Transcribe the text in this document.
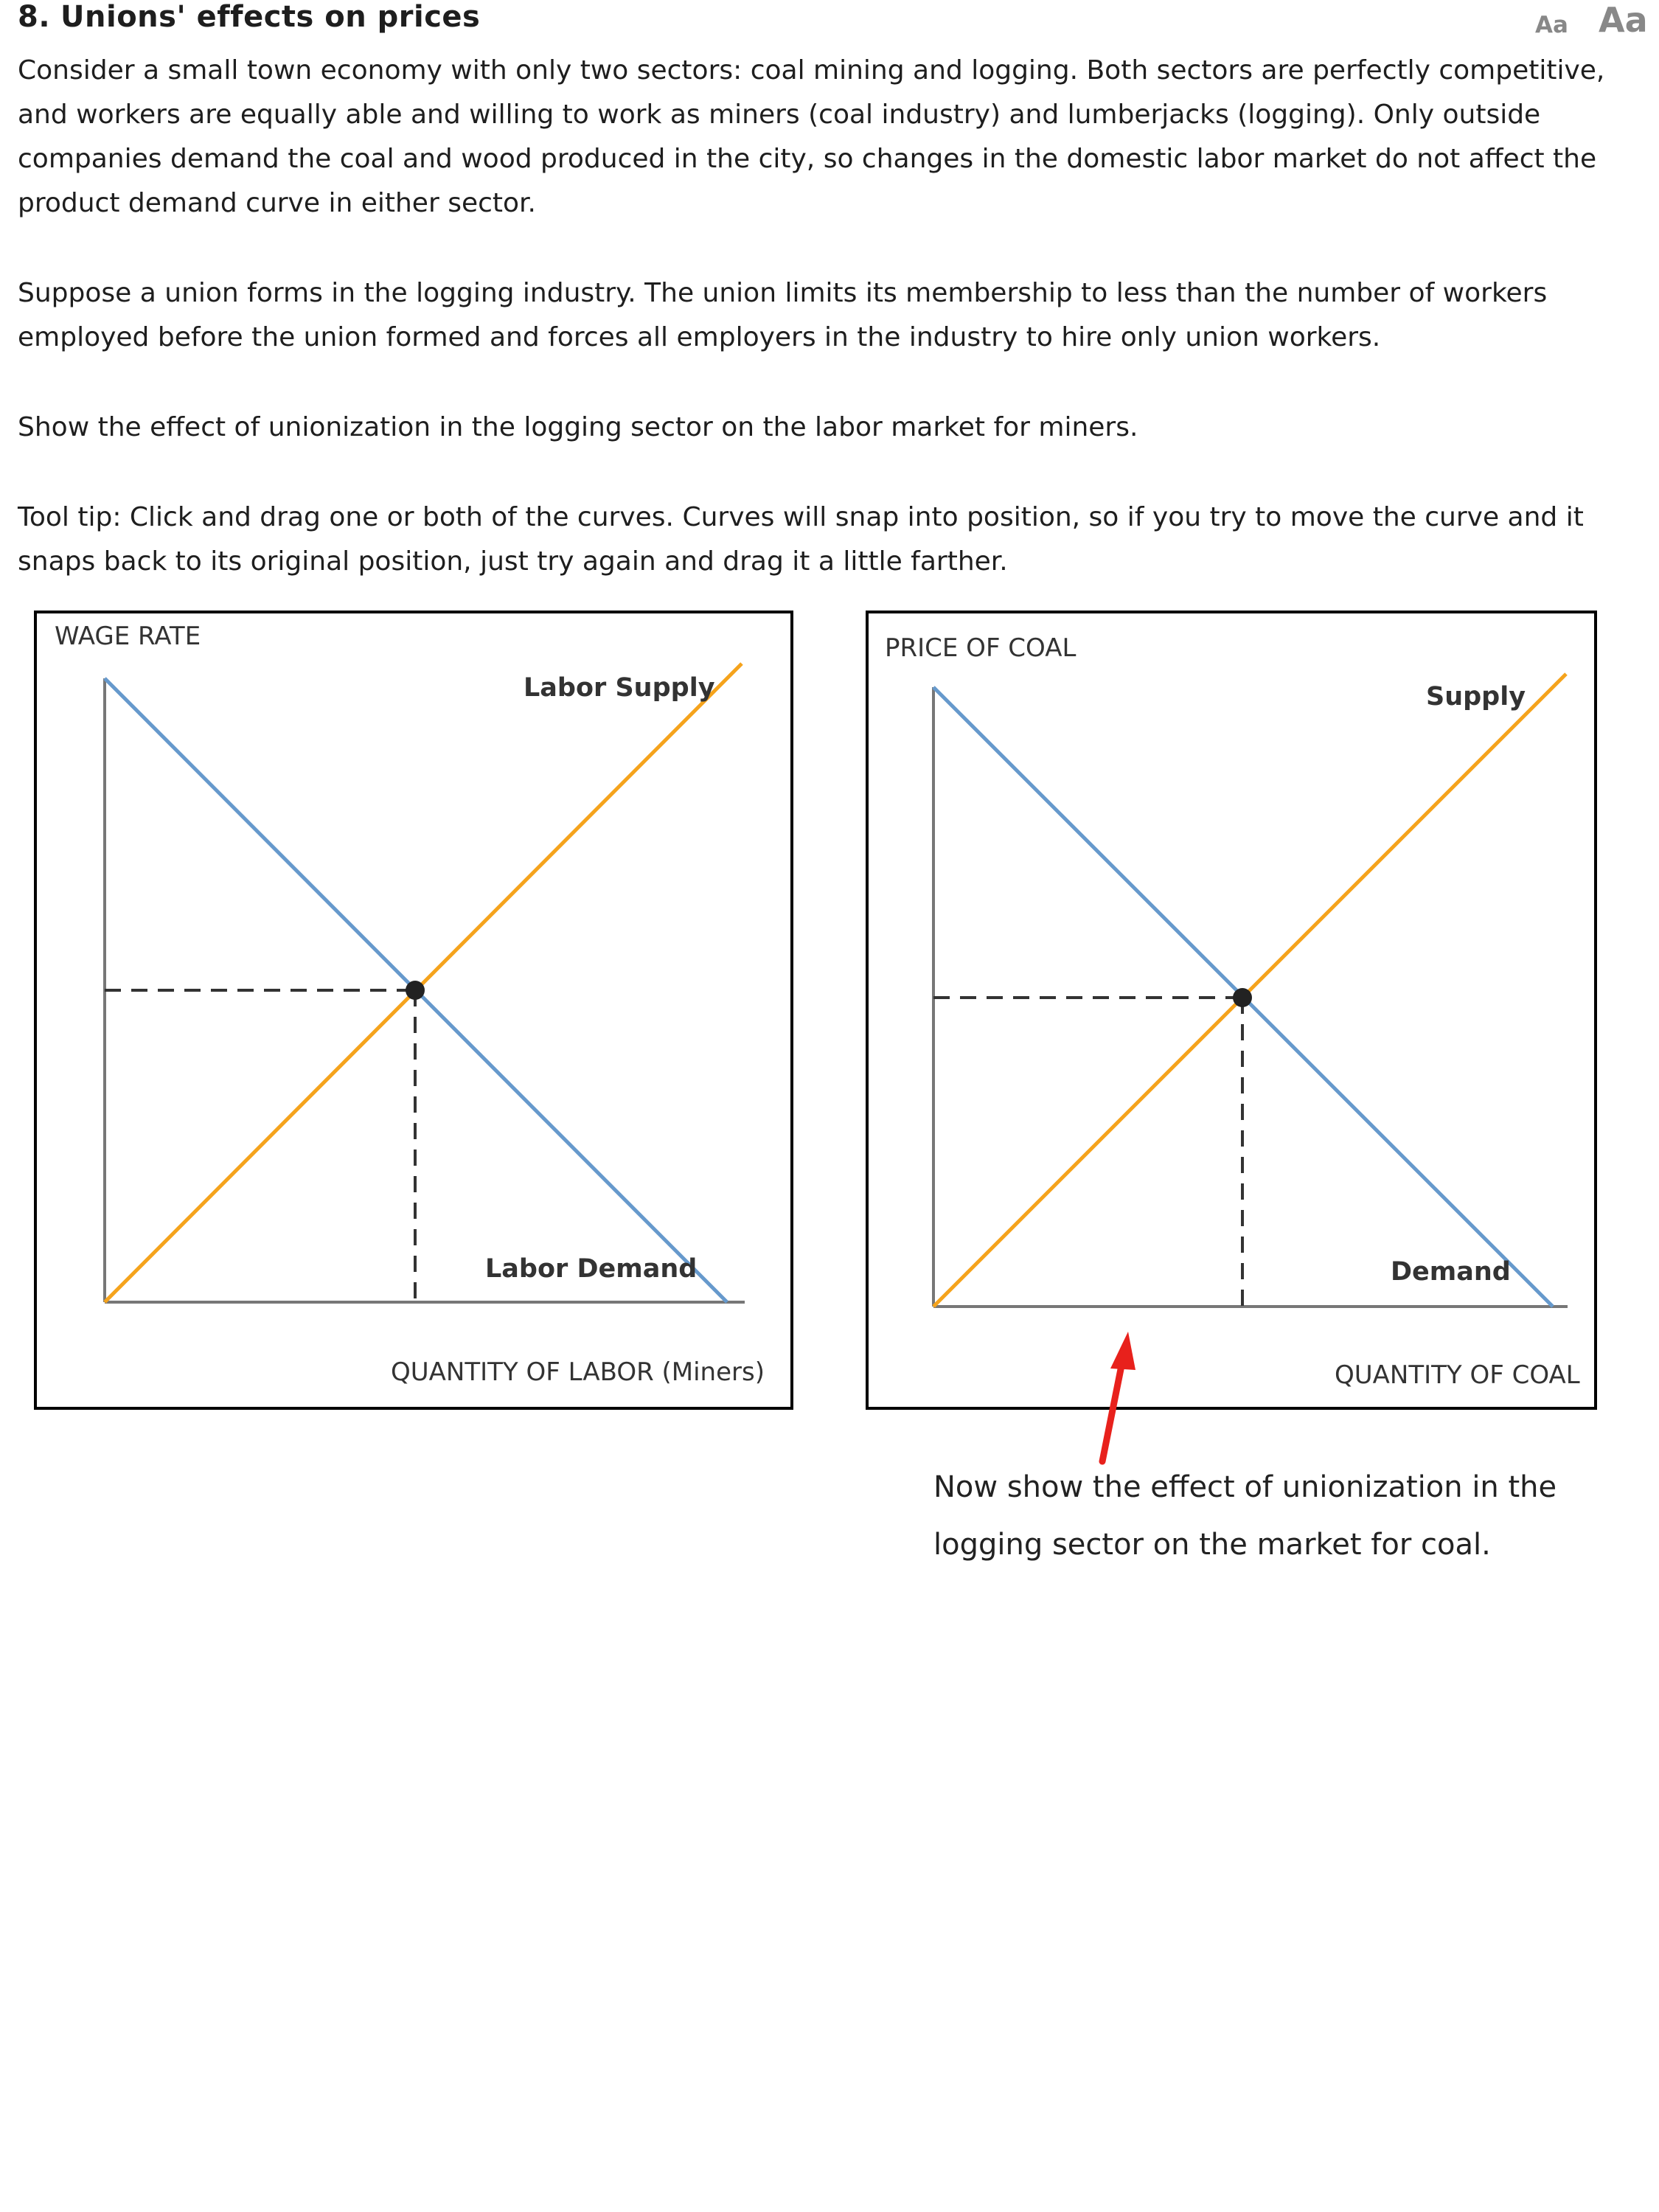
8. Unions' effects on prices	Aa Aa
Consider a small town economy with only two sectors: coal mining and logging. Both sectors are perfectly competitive, and workers are equally able and willing to work as miners (coal industry) and lumberjacks (logging). Only outside companies demand the coal and wood produced in the city, so changes in the domestic labor market do not affect the product demand curve in either sector.
Suppose a union forms in the logging industry. The union limits its membership to less than the number of workers employed before the union formed and forces all employers in the industry to hire only union workers.
Show the effect of unionization in the logging sector on the labor market for miners.
Tool tip: Click and drag one or both of the curves. Curves will snap into position, so if you try to move the curve and it snaps back to its original position, just try again and drag it a little farther.
WAGE RATE
Labor Supply
Labor Demand
QUANTITY OF LABOR (Miners)
PRICE OF COAL
Supply
Demand
QUANTITY OF COAL
Now show the effect of unionization in the logging sector on the market for coal.
